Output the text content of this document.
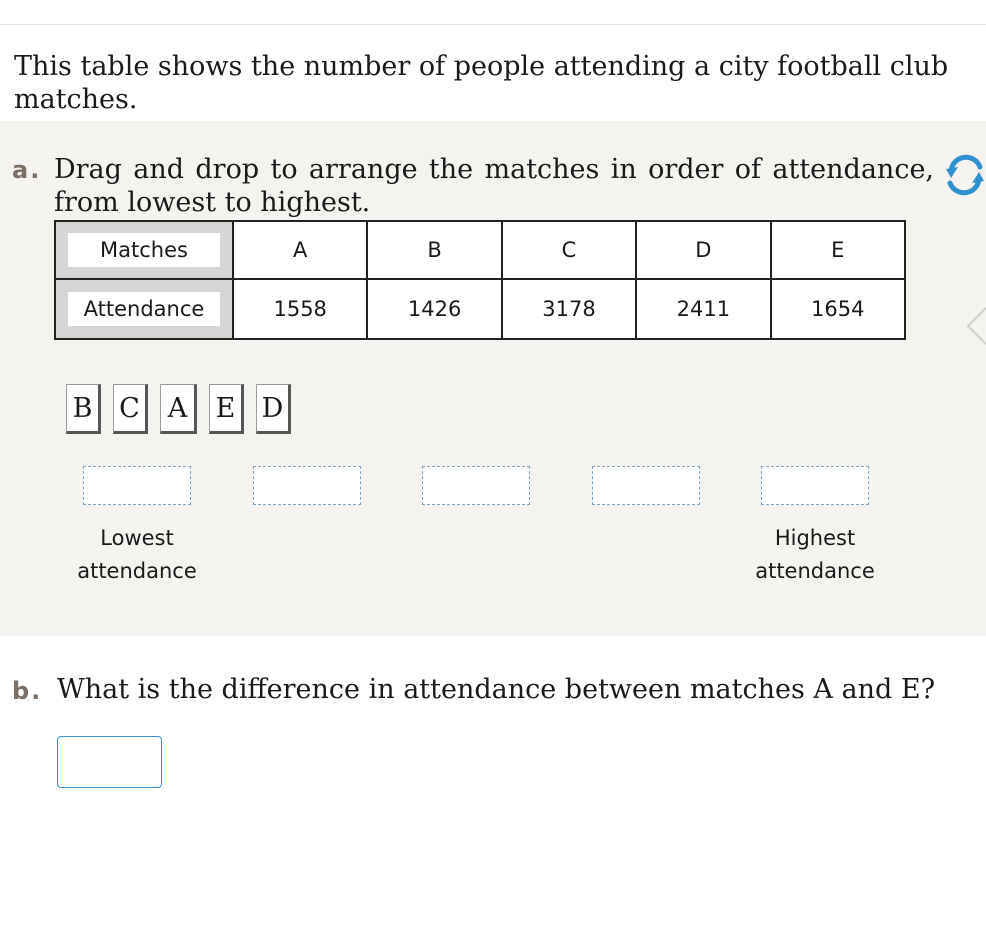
This table shows the number of people attending a city football club matches.

a. Drag and drop to arrange the matches in order of attendance, from lowest to highest.

Matches	A	B	C	D	E

Attendance	1558	1426	3178	2411	1654
B C	A	E D
Lowest attendance
Highest attendance
b. What is the difference in attendance between matches A and E?
